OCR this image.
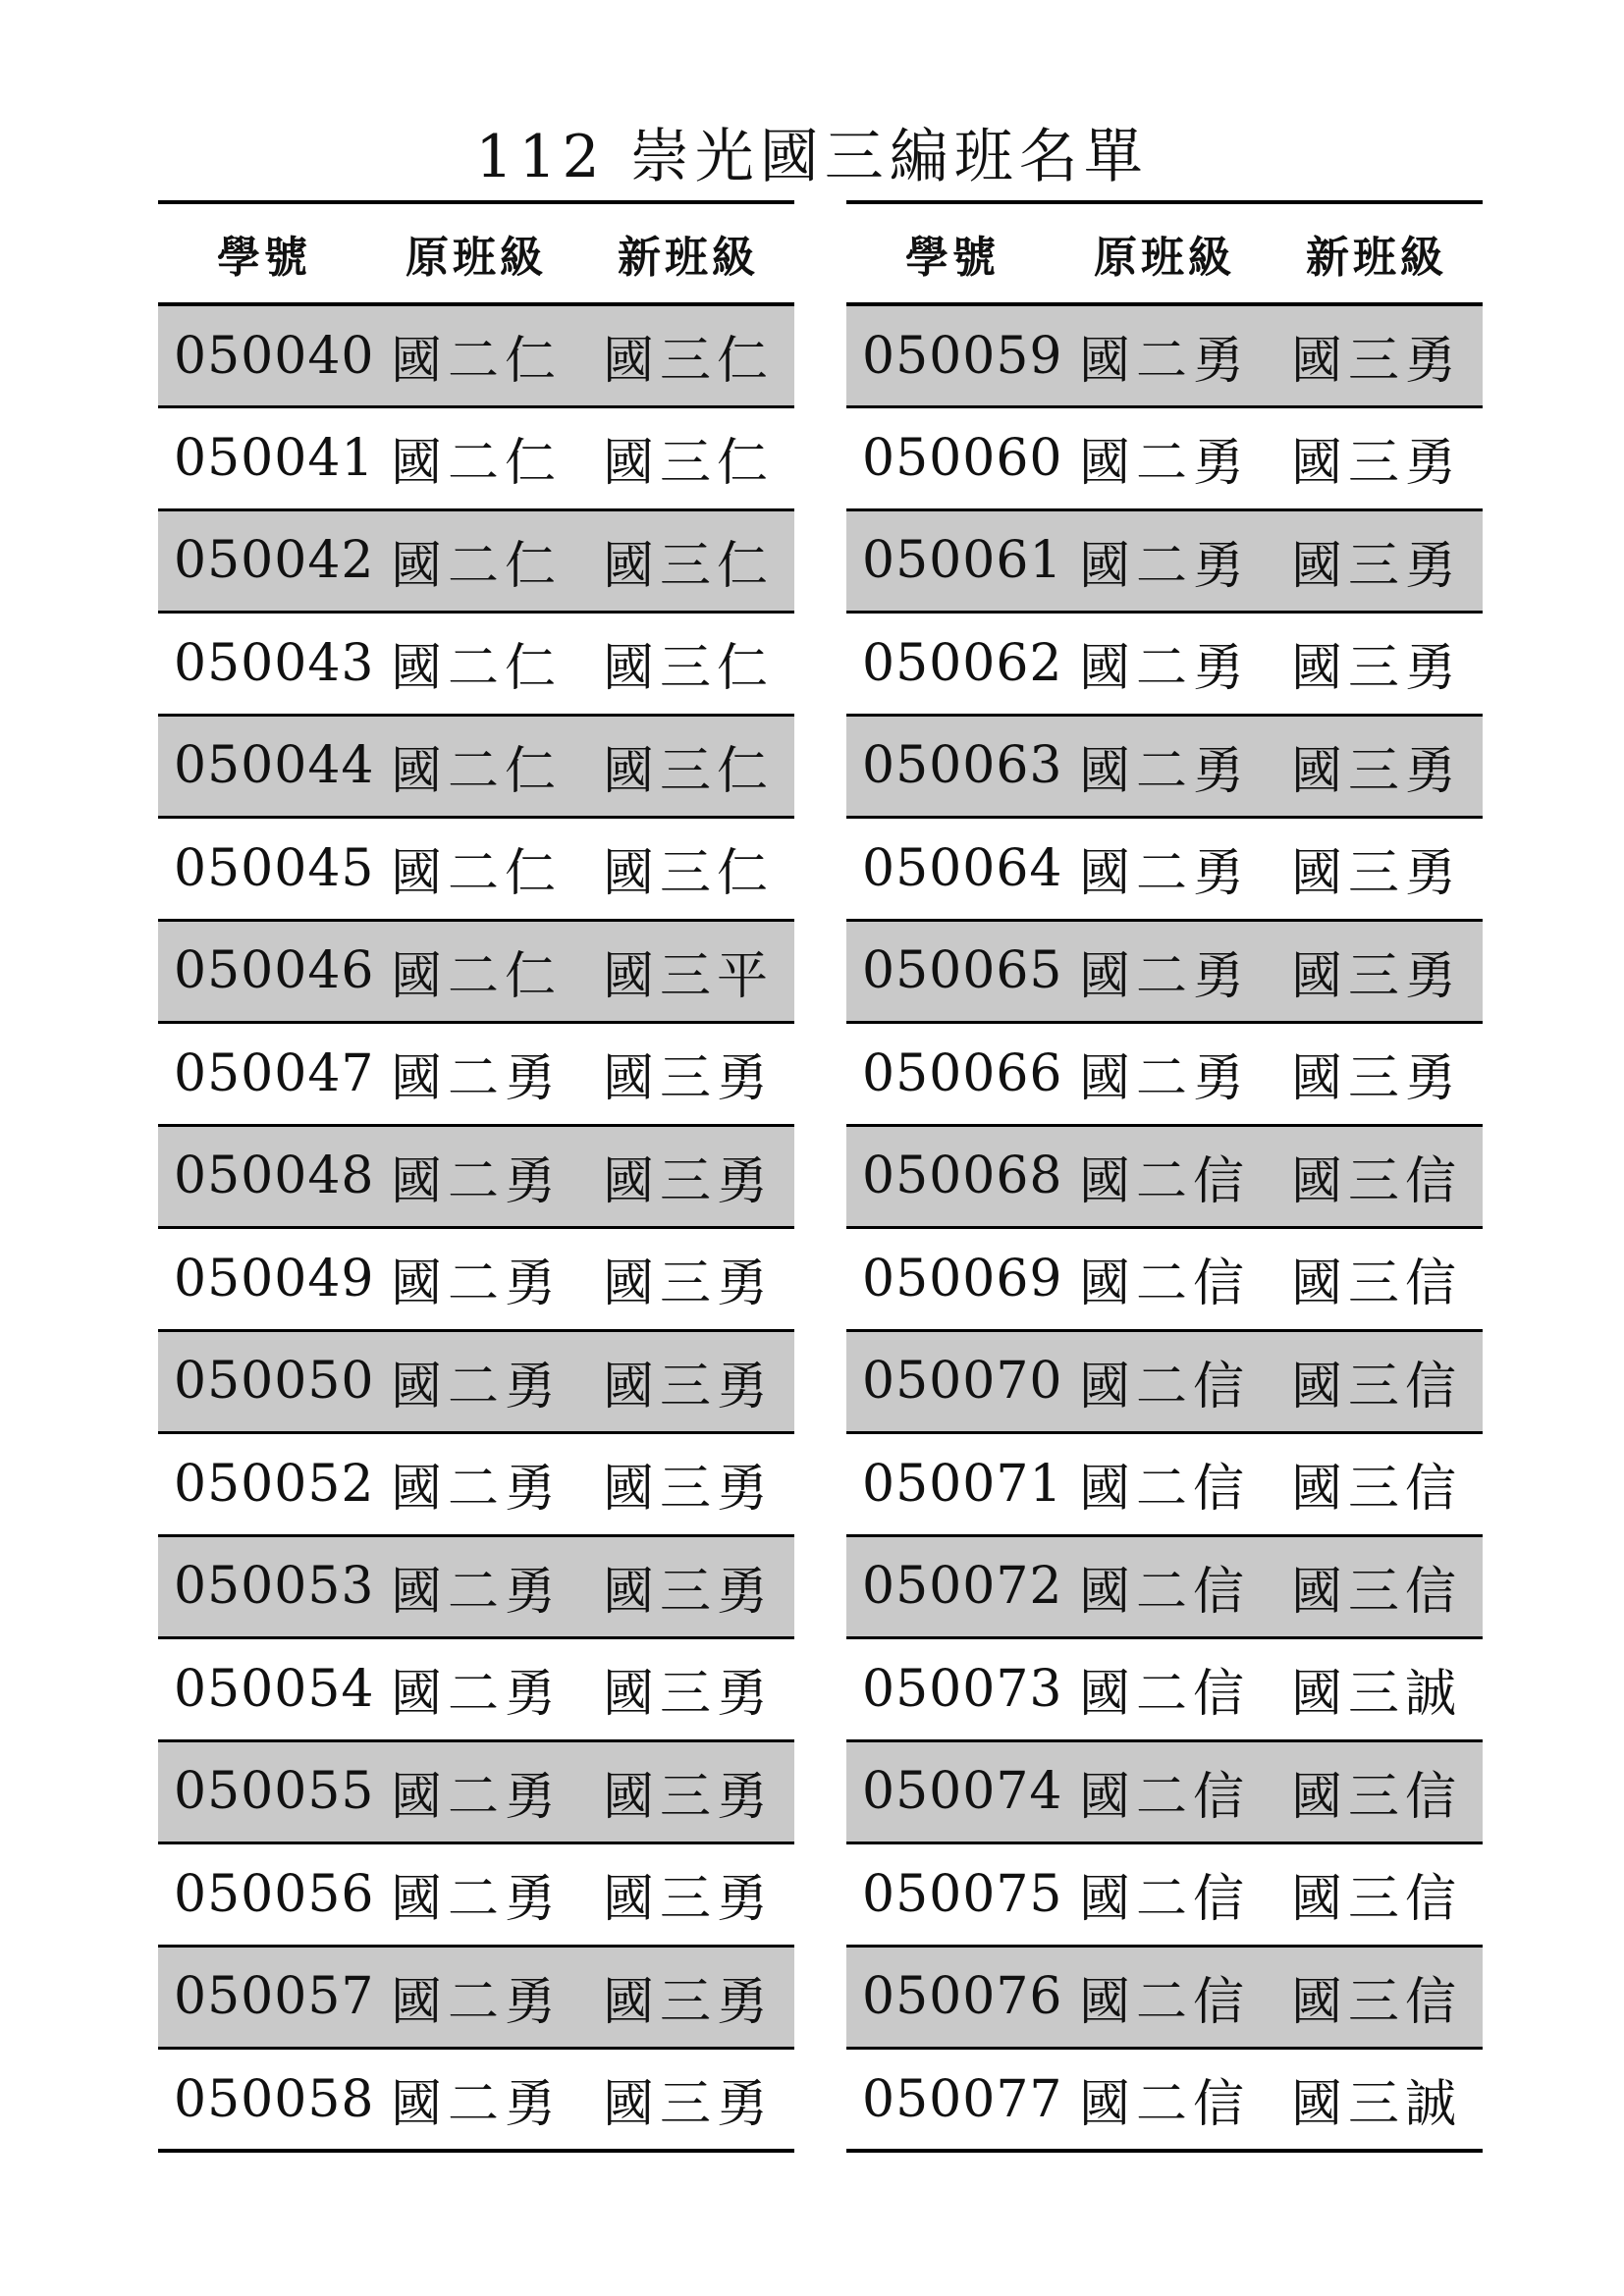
112 崇光國三編班名單
學號	原班級	新班級
050040	國二仁	國三仁
050041	國二仁	國三仁
050042	國二仁	國三仁
050043	國二仁	國三仁
050044	國二仁	國三仁
050045	國二仁	國三仁
050046	國二仁	國三平
050047	國二勇	國三勇
050048	國二勇	國三勇
050049	國二勇	國三勇
050050	國二勇	國三勇
050052	國二勇	國三勇
050053	國二勇	國三勇
050054	國二勇	國三勇
050055	國二勇	國三勇
050056	國二勇	國三勇
050057	國二勇	國三勇
050058	國二勇	國三勇
學號	原班級	新班級
050059	國二勇	國三勇
050060	國二勇	國三勇
050061	國二勇	國三勇
050062	國二勇	國三勇
050063	國二勇	國三勇
050064	國二勇	國三勇
050065	國二勇	國三勇
050066	國二勇	國三勇
050068	國二信	國三信
050069	國二信	國三信
050070	國二信	國三信
050071	國二信	國三信
050072	國二信	國三信
050073	國二信	國三誠
050074	國二信	國三信
050075	國二信	國三信
050076	國二信	國三信
050077	國二信	國三誠
